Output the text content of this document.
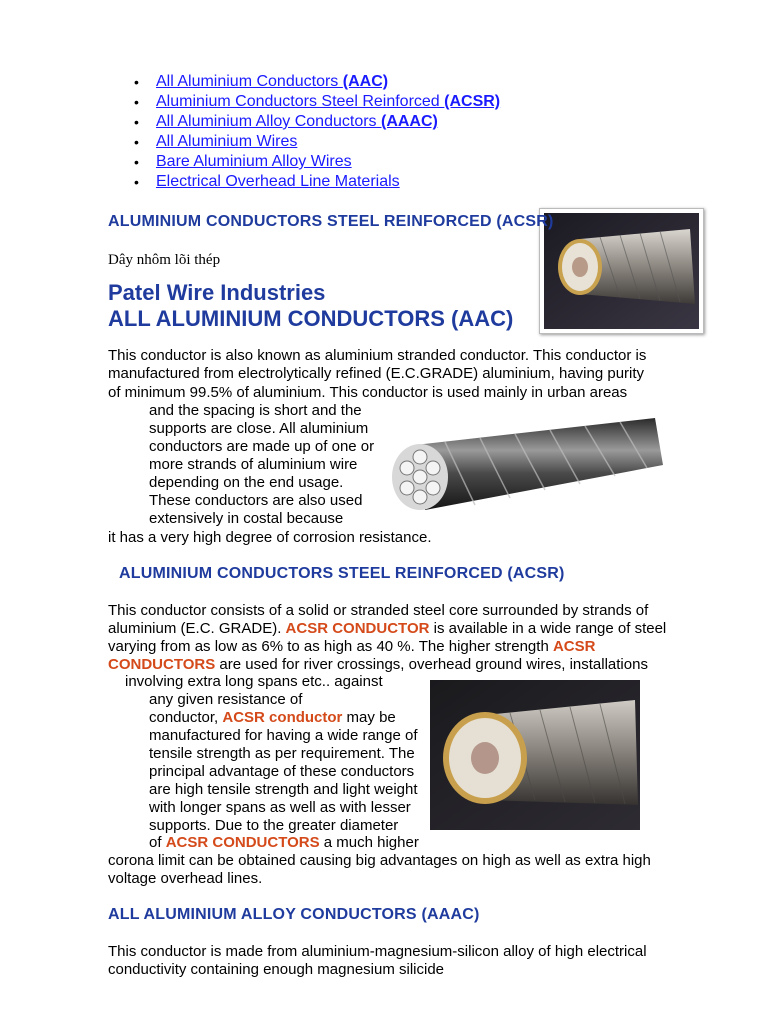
• All Aluminium Conductors (AAC)
• Aluminium Conductors Steel Reinforced (ACSR)
• All Aluminium Alloy Conductors (AAAC)
• All Aluminium Wires
• Bare Aluminium Alloy Wires
• Electrical Overhead Line Materials
ALUMINIUM CONDUCTORS STEEL REINFORCED (ACSR)
Dây nhôm lõi thép
Patel Wire Industries
ALL ALUMINIUM CONDUCTORS (AAC)
This conductor is also known as aluminium stranded conductor. This conductor is
manufactured from electrolytically refined (E.C.GRADE) aluminium, having purity
of minimum 99.5% of aluminium. This conductor is used mainly in urban areas
and the spacing is short and the
supports are close. All aluminium
conductors are made up of one or
more strands of aluminium wire
depending on the end usage.
These conductors are also used
extensively in costal because
it has a very high degree of corrosion resistance.
ALUMINIUM CONDUCTORS STEEL REINFORCED (ACSR)
This conductor consists of a solid or stranded steel core surrounded by strands of
aluminium (E.C. GRADE). ACSR CONDUCTOR is available in a wide range of steel
varying from as low as 6% to as high as 40 %. The higher strength ACSR
CONDUCTORS are used for river crossings, overhead ground wires, installations
involving extra long spans etc.. against
any given resistance of
conductor, ACSR conductor may be
manufactured for having a wide range of
tensile strength as per requirement. The
principal advantage of these conductors
are high tensile strength and light weight
with longer spans as well as with lesser
supports. Due to the greater diameter
of ACSR CONDUCTORS a much higher
corona limit can be obtained causing big advantages on high as well as extra high
voltage overhead lines.
ALL ALUMINIUM ALLOY CONDUCTORS (AAAC)
This conductor is made from aluminium-magnesium-silicon alloy of high electrical
conductivity containing enough magnesium silicide
